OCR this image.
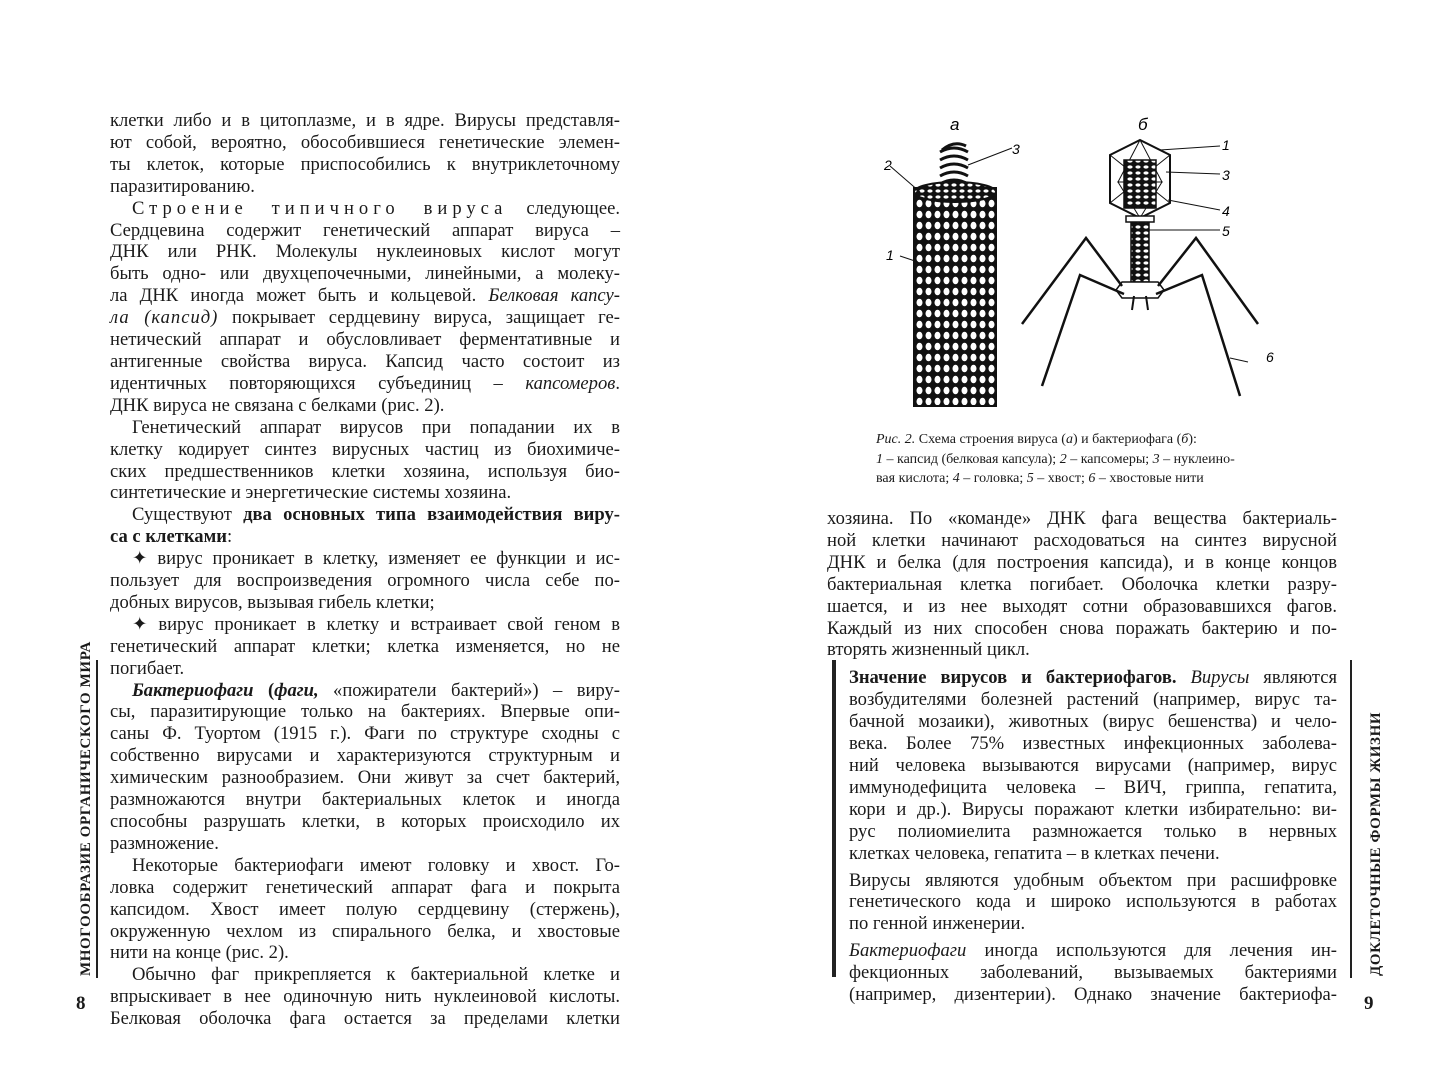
клетки либо и в цитоплазме, и в ядре. Вирусы представля-
ют собой, вероятно, обособившиеся генетические элемен-
ты клеток, которые приспособились к внутриклеточному
паразитированию.

Строение типичного вируса следующее.
Сердцевина содержит генетический аппарат вируса –
ДНК или РНК. Молекулы нуклеиновых кислот могут
быть одно- или двухцепочечными, линейными, а молеку-
ла ДНК иногда может быть и кольцевой. Белковая капсу-
ла (капсид) покрывает сердцевину вируса, защищает ге-
нетический аппарат и обусловливает ферментативные и
антигенные свойства вируса. Капсид часто состоит из
идентичных повторяющихся субъединиц – капсомеров.
ДНК вируса не связана с белками (рис. 2).

Генетический аппарат вирусов при попадании их в
клетку кодирует синтез вирусных частиц из биохимиче-
ских предшественников клетки хозяина, используя био-
синтетические и энергетические системы хозяина.

Существуют два основных типа взаимодействия виру-
са с клетками:

✦ вирус проникает в клетку, изменяет ее функции и ис-
пользует для воспроизведения огромного числа себе по-
добных вирусов, вызывая гибель клетки;

✦ вирус проникает в клетку и встраивает свой геном в
генетический аппарат клетки; клетка изменяется, но не
погибает.

Бактериофаги (фаги, «пожиратели бактерий») – виру-
сы, паразитирующие только на бактериях. Впервые опи-
саны Ф. Туортом (1915 г.). Фаги по структуре сходны с
собственно вирусами и характеризуются структурным и
химическим разнообразием. Они живут за счет бактерий,
размножаются внутри бактериальных клеток и иногда
способны разрушать клетки, в которых происходило их
размножение.

Некоторые бактериофаги имеют головку и хвост. Го-
ловка содержит генетический аппарат фага и покрыта
капсидом. Хвост имеет полую сердцевину (стержень),
окруженную чехлом из спирального белка, и хвостовые
нити на конце (рис. 2).

Обычно фаг прикрепляется к бактериальной клетке и
впрыскивает в нее одиночную нить нуклеиновой кислоты.
Белковая оболочка фага остается за пределами клетки

МНОГООБРАЗИЕ ОРГАНИЧЕСКОГО МИРА
8
а	б
2
3
1
1
3
4
5
6
Рис. 2. Схема строения вируса (а) и бактериофага (б):
1 – капсид (белковая капсула); 2 – капсомеры; 3 – нуклеино-
вая кислота; 4 – головка; 5 – хвост; 6 – хвостовые нити

хозяина. По «команде» ДНК фага вещества бактериаль-
ной клетки начинают расходоваться на синтез вирусной
ДНК и белка (для построения капсида), и в конце концов
бактериальная клетка погибает. Оболочка клетки разру-
шается, и из нее выходят сотни образовавшихся фагов.
Каждый из них способен снова поражать бактерию и по-
вторять жизненный цикл.

Значение вирусов и бактериофагов. Вирусы являются
возбудителями болезней растений (например, вирус та-
бачной мозаики), животных (вирус бешенства) и чело-
века. Более 75% известных инфекционных заболева-
ний человека вызываются вирусами (например, вирус
иммунодефицита человека – ВИЧ, гриппа, гепатита,
кори и др.). Вирусы поражают клетки избирательно: ви-
рус полиомиелита размножается только в нервных
клетках человека, гепатита – в клетках печени.

Вирусы являются удобным объектом при расшифровке
генетического кода и широко используются в работах
по генной инженерии.

Бактериофаги иногда используются для лечения ин-
фекционных заболеваний, вызываемых бактериями
(например, дизентерии). Однако значение бактериофа-

ДОКЛЕТОЧНЫЕ ФОРМЫ ЖИЗНИ
9
